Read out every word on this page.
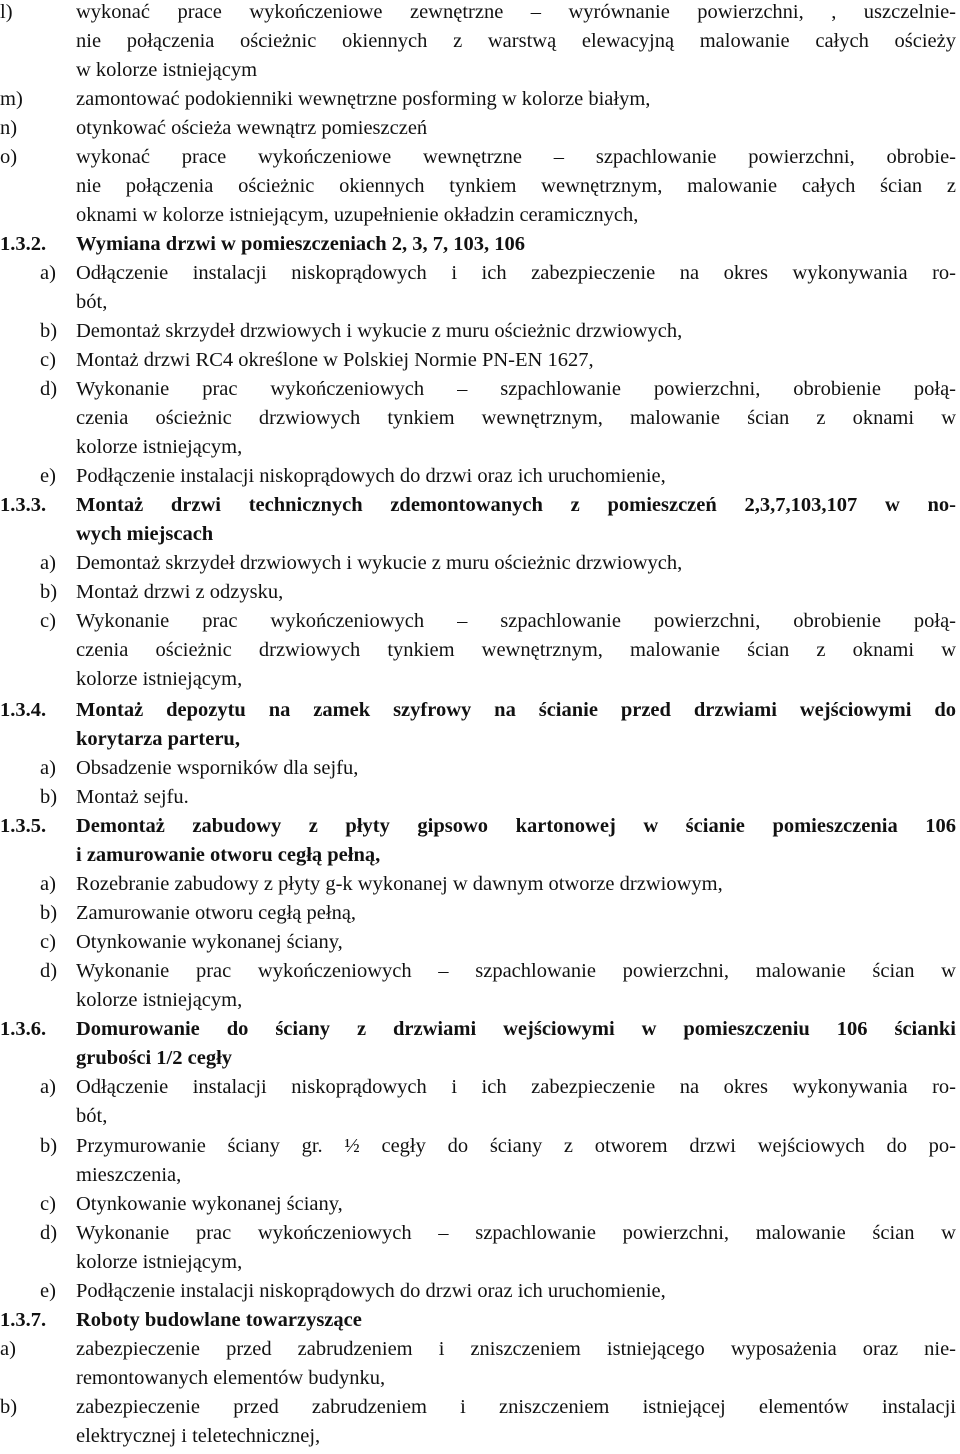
l)	wykonać prace wykończeniowe zewnętrzne – wyrównanie powierzchni, , uszczelnie-
nie połączenia ościeżnic okiennych z warstwą elewacyjną malowanie całych ościeży
w kolorze istniejącym
m)	zamontować podokienniki wewnętrzne posforming w kolorze białym,
n)	otynkować ościeża wewnątrz pomieszczeń
o)	wykonać prace wykończeniowe wewnętrzne – szpachlowanie powierzchni, obrobie-
nie połączenia ościeżnic okiennych tynkiem wewnętrznym, malowanie całych ścian z
oknami w kolorze istniejącym, uzupełnienie okładzin ceramicznych,
1.3.2. Wymiana drzwi w pomieszczeniach 2, 3, 7, 103, 106
a) Odłączenie instalacji niskoprądowych i ich zabezpieczenie na okres wykonywania ro-
bót,
b) Demontaż skrzydeł drzwiowych i wykucie z muru ościeżnic drzwiowych,
c) Montaż drzwi RC4 określone w Polskiej Normie PN-EN 1627,
d) Wykonanie prac wykończeniowych – szpachlowanie powierzchni, obrobienie połą-
czenia ościeżnic drzwiowych tynkiem wewnętrznym, malowanie ścian z oknami w
kolorze istniejącym,
e) Podłączenie instalacji niskoprądowych do drzwi oraz ich uruchomienie,
1.3.3. Montaż drzwi technicznych zdemontowanych z pomieszczeń 2,3,7,103,107 w no-
wych miejscach
a) Demontaż skrzydeł drzwiowych i wykucie z muru ościeżnic drzwiowych,
b) Montaż drzwi z odzysku,
c) Wykonanie prac wykończeniowych – szpachlowanie powierzchni, obrobienie połą-
czenia ościeżnic drzwiowych tynkiem wewnętrznym, malowanie ścian z oknami w
kolorze istniejącym,
1.3.4. Montaż depozytu na zamek szyfrowy na ścianie przed drzwiami wejściowymi do
korytarza parteru,
a) Obsadzenie wsporników dla sejfu,
b) Montaż sejfu.
1.3.5. Demontaż zabudowy z płyty gipsowo kartonowej w ścianie pomieszczenia 106
i zamurowanie otworu cegłą pełną,
a) Rozebranie zabudowy z płyty g-k wykonanej w dawnym otworze drzwiowym,
b) Zamurowanie otworu cegłą pełną,
c) Otynkowanie wykonanej ściany,
d) Wykonanie prac wykończeniowych – szpachlowanie powierzchni, malowanie ścian w
kolorze istniejącym,
1.3.6. Domurowanie do ściany z drzwiami wejściowymi w pomieszczeniu 106 ścianki
grubości 1/2 cegły
a) Odłączenie instalacji niskoprądowych i ich zabezpieczenie na okres wykonywania ro-
bót,
b) Przymurowanie ściany gr. ½ cegły do ściany z otworem drzwi wejściowych do po-
mieszczenia,
c) Otynkowanie wykonanej ściany,
d) Wykonanie prac wykończeniowych – szpachlowanie powierzchni, malowanie ścian w
kolorze istniejącym,
e) Podłączenie instalacji niskoprądowych do drzwi oraz ich uruchomienie,
1.3.7. Roboty budowlane towarzyszące
a)	zabezpieczenie przed zabrudzeniem i zniszczeniem istniejącego wyposażenia oraz nie-
remontowanych elementów budynku,
b)	zabezpieczenie przed zabrudzeniem i zniszczeniem istniejącej elementów instalacji
elektrycznej i teletechnicznej,
